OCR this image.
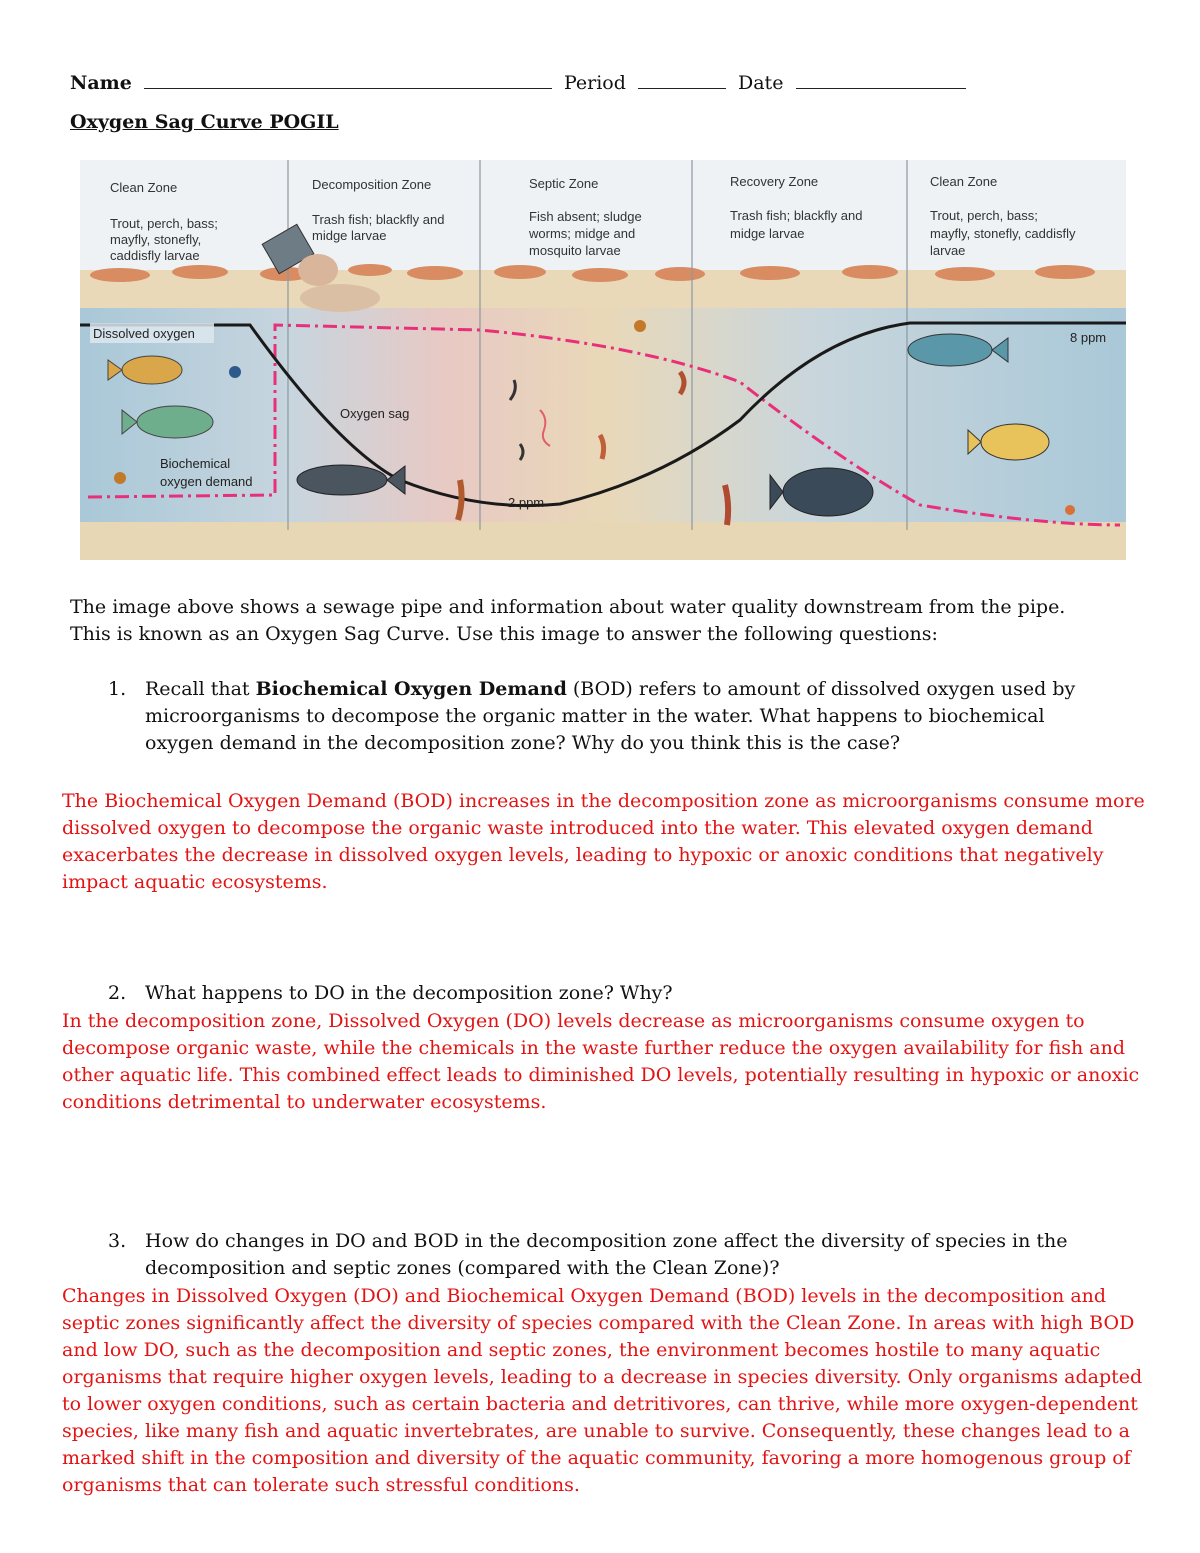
Name	Period	Date
Oxygen Sag Curve POGIL
Clean Zone
Trout, perch, bass;
mayfly, stonefly,
caddisfly larvae
Decomposition Zone
Trash fish; blackfly and
midge larvae
Septic Zone
Fish absent; sludge
worms; midge and
mosquito larvae
Recovery Zone
Trash fish; blackfly and
midge larvae
Clean Zone
Trout, perch, bass;
mayfly, stonefly, caddisfly
larvae
Dissolved oxygen
Oxygen sag
Biochemical
oxygen demand
8 ppm
2 ppm
The image above shows a sewage pipe and information about water quality downstream from the pipe.
This is known as an Oxygen Sag Curve. Use this image to answer the following questions:
1. Recall that Biochemical Oxygen Demand (BOD) refers to amount of dissolved oxygen used by microorganisms to decompose the organic matter in the water. What happens to biochemical oxygen demand in the decomposition zone? Why do you think this is the case?
The Biochemical Oxygen Demand (BOD) increases in the decomposition zone as microorganisms consume more dissolved oxygen to decompose the organic waste introduced into the water. This elevated oxygen demand exacerbates the decrease in dissolved oxygen levels, leading to hypoxic or anoxic conditions that negatively impact aquatic ecosystems.
2. What happens to DO in the decomposition zone? Why?
In the decomposition zone, Dissolved Oxygen (DO) levels decrease as microorganisms consume oxygen to decompose organic waste, while the chemicals in the waste further reduce the oxygen availability for fish and other aquatic life. This combined effect leads to diminished DO levels, potentially resulting in hypoxic or anoxic conditions detrimental to underwater ecosystems.
3. How do changes in DO and BOD in the decomposition zone affect the diversity of species in the decomposition and septic zones (compared with the Clean Zone)?
Changes in Dissolved Oxygen (DO) and Biochemical Oxygen Demand (BOD) levels in the decomposition and septic zones significantly affect the diversity of species compared with the Clean Zone. In areas with high BOD and low DO, such as the decomposition and septic zones, the environment becomes hostile to many aquatic organisms that require higher oxygen levels, leading to a decrease in species diversity. Only organisms adapted to lower oxygen conditions, such as certain bacteria and detritivores, can thrive, while more oxygen-dependent species, like many fish and aquatic invertebrates, are unable to survive. Consequently, these changes lead to a marked shift in the composition and diversity of the aquatic community, favoring a more homogenous group of organisms that can tolerate such stressful conditions.
